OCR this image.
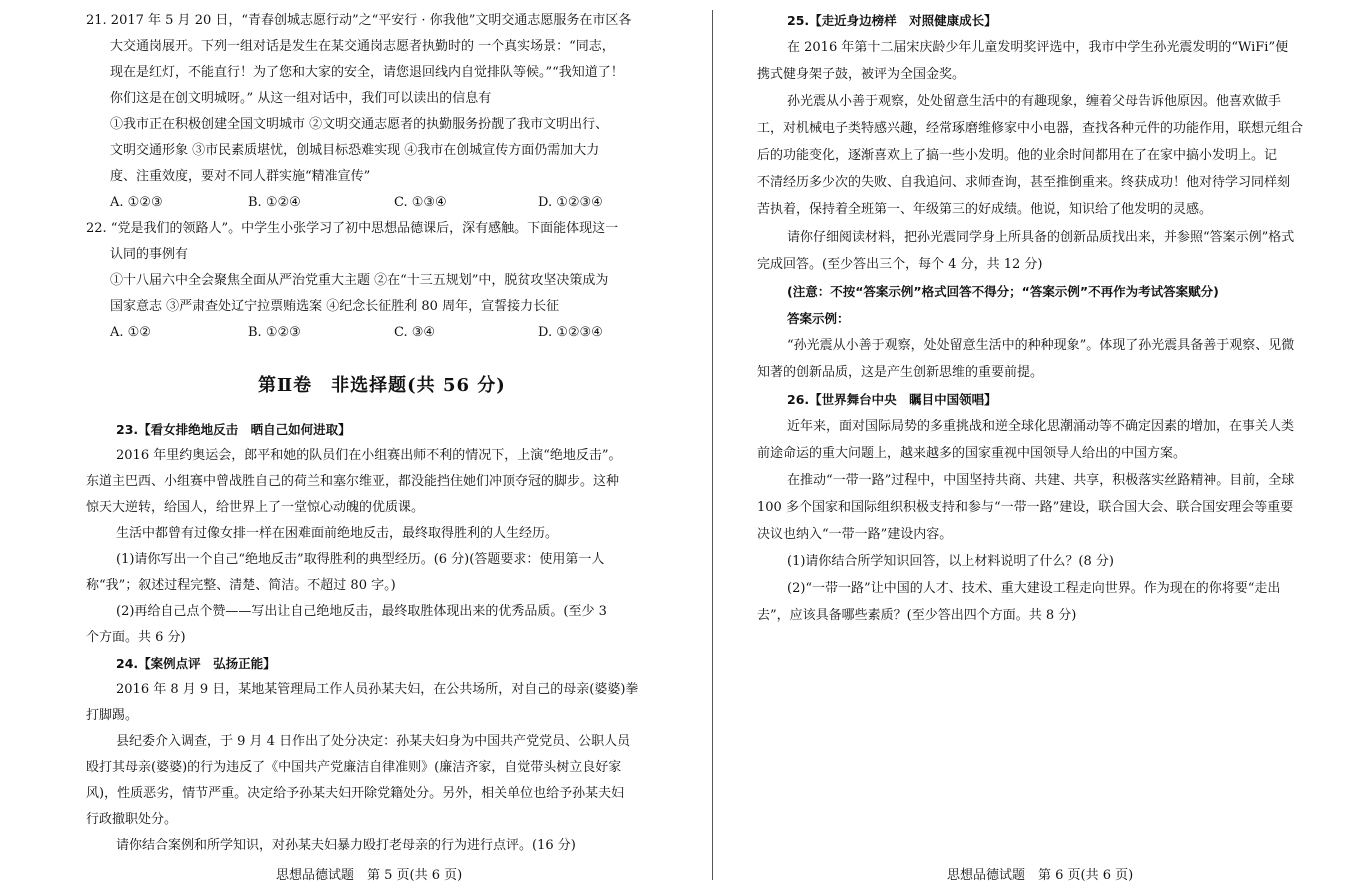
21. 2017 年 5 月 20 日，“青春创城志愿行动”之“平安行 · 你我他”文明交通志愿服务在市区各
大交通岗展开。下列一组对话是发生在某交通岗志愿者执勤时的 一个真实场景：“同志，
现在是红灯，不能直行！为了您和大家的安全，请您退回线内自觉排队等候。”“我知道了！
你们这是在创文明城呀。” 从这一组对话中，我们可以读出的信息有
①我市正在积极创建全国文明城市 ②文明交通志愿者的执勤服务扮靓了我市文明出行、
文明交通形象 ③市民素质堪忧，创城目标恐难实现 ④我市在创城宣传方面仍需加大力
度、注重效度，要对不同人群实施“精准宣传”
A. ①②③	B. ①②④	C. ①③④	D. ①②③④
22. “党是我们的领路人”。中学生小张学习了初中思想品德课后，深有感触。下面能体现这一
认同的事例有
①十八届六中全会聚焦全面从严治党重大主题 ②在“十三五规划”中，脱贫攻坚决策成为
国家意志 ③严肃查处辽宁拉票贿选案 ④纪念长征胜利 80 周年，宣誓接力长征
A. ①②	B. ①②③	C. ③④	D. ①②③④
第Ⅱ卷　非选择题(共 56 分)
23.【看女排绝地反击　晒自己如何进取】
2016 年里约奥运会，郎平和她的队员们在小组赛出师不利的情况下，上演“绝地反击”。
东道主巴西、小组赛中曾战胜自己的荷兰和塞尔维亚，都没能挡住她们冲顶夺冠的脚步。这种
惊天大逆转，给国人，给世界上了一堂惊心动魄的优质课。
生活中都曾有过像女排一样在困难面前绝地反击，最终取得胜利的人生经历。
(1)请你写出一个自己“绝地反击”取得胜利的典型经历。(6 分)(答题要求：使用第一人
称“我”；叙述过程完整、清楚、简洁。不超过 80 字。)
(2)再给自己点个赞——写出让自己绝地反击，最终取胜体现出来的优秀品质。(至少 3
个方面。共 6 分)
24.【案例点评　弘扬正能】
2016 年 8 月 9 日，某地某管理局工作人员孙某夫妇，在公共场所，对自己的母亲(婆婆)拳
打脚踢。
县纪委介入调查，于 9 月 4 日作出了处分决定：孙某夫妇身为中国共产党党员、公职人员
殴打其母亲(婆婆)的行为违反了《中国共产党廉洁自律准则》(廉洁齐家，自觉带头树立良好家
风)，性质恶劣，情节严重。决定给予孙某夫妇开除党籍处分。另外，相关单位也给予孙某夫妇
行政撤职处分。
请你结合案例和所学知识，对孙某夫妇暴力殴打老母亲的行为进行点评。(16 分)
思想品德试题　第 5 页(共 6 页)
25.【走近身边榜样　对照健康成长】
在 2016 年第十二届宋庆龄少年儿童发明奖评选中，我市中学生孙光震发明的“WiFi”便
携式健身架子鼓，被评为全国金奖。
孙光震从小善于观察，处处留意生活中的有趣现象，缠着父母告诉他原因。他喜欢做手
工，对机械电子类特感兴趣，经常琢磨维修家中小电器，查找各种元件的功能作用，联想元组合
后的功能变化，逐渐喜欢上了搞一些小发明。他的业余时间都用在了在家中搞小发明上。记
不清经历多少次的失败、自我追问、求师查询，甚至推倒重来。终获成功！他对待学习同样刻
苦执着，保持着全班第一、年级第三的好成绩。他说，知识给了他发明的灵感。
请你仔细阅读材料，把孙光震同学身上所具备的创新品质找出来，并参照“答案示例”格式
完成回答。(至少答出三个，每个 4 分，共 12 分)
(注意：不按“答案示例”格式回答不得分；“答案示例”不再作为考试答案赋分)
答案示例：
“孙光震从小善于观察，处处留意生活中的种种现象”。体现了孙光震具备善于观察、见微
知著的创新品质，这是产生创新思维的重要前提。
26.【世界舞台中央　瞩目中国领唱】
近年来，面对国际局势的多重挑战和逆全球化思潮涌动等不确定因素的增加，在事关人类
前途命运的重大问题上，越来越多的国家重视中国领导人给出的中国方案。
在推动“一带一路”过程中，中国坚持共商、共建、共享，积极落实丝路精神。目前，全球
100 多个国家和国际组织积极支持和参与“一带一路”建设，联合国大会、联合国安理会等重要
决议也纳入“一带一路”建设内容。
(1)请你结合所学知识回答，以上材料说明了什么？(8 分)
(2)“一带一路”让中国的人才、技术、重大建设工程走向世界。作为现在的你将要“走出
去”，应该具备哪些素质？(至少答出四个方面。共 8 分)
思想品德试题　第 6 页(共 6 页)
